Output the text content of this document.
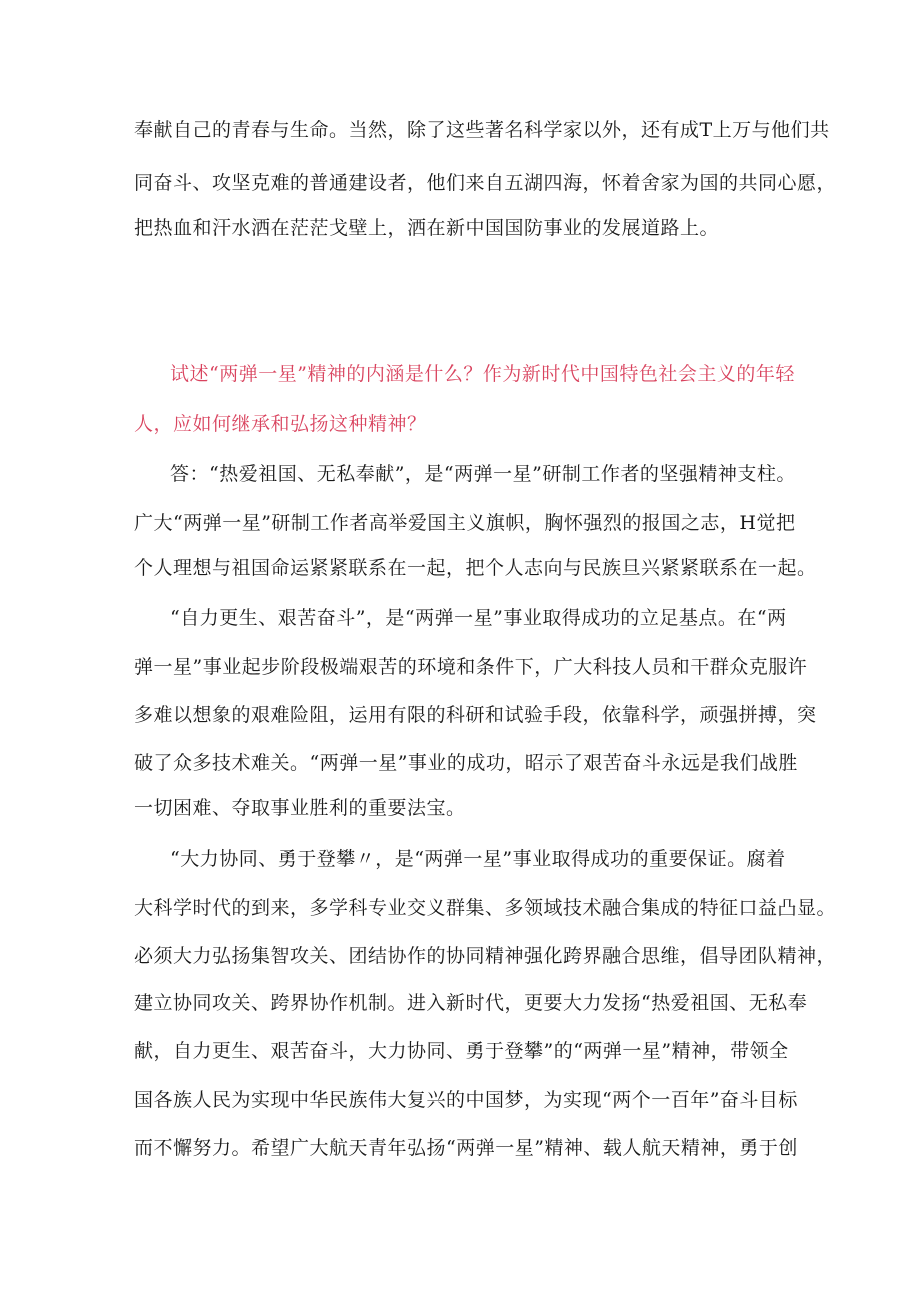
奉献自己的青春与生命。当然，除了这些著名科学家以外，还有成T上万与他们共
同奋斗、攻坚克难的普通建设者，他们来自五湖四海，怀着舍家为国的共同心愿，
把热血和汗水洒在茫茫戈壁上，洒在新中国国防事业的发展道路上。
试述“两弹一星”精神的内涵是什么？作为新时代中国特色社会主义的年轻
人，应如何继承和弘扬这种精神？
答：“热爱祖国、无私奉献”，是“两弹一星”研制工作者的坚强精神支柱。
广大“两弹一星”研制工作者高举爱国主义旗帜，胸怀强烈的报国之志，H觉把
个人理想与祖国命运紧紧联系在一起，把个人志向与民族旦兴紧紧联系在一起。
“自力更生、艰苦奋斗”，是“两弹一星”事业取得成功的立足基点。在“两
弹一星”事业起步阶段极端艰苦的环境和条件下，广大科技人员和干群众克服许
多难以想象的艰难险阻，运用有限的科研和试验手段，依靠科学，顽强拼搏，突
破了众多技术难关。“两弹一星”事业的成功，昭示了艰苦奋斗永远是我们战胜
一切困难、夺取事业胜利的重要法宝。
“大力协同、勇于登攀〃，是“两弹一星”事业取得成功的重要保证。腐着
大科学时代的到来，多学科专业交义群集、多领域技术融合集成的特征口益凸显。
必须大力弘扬集智攻关、团结协作的协同精神强化跨界融合思维，倡导团队精神，
建立协同攻关、跨界协作机制。进入新时代，更要大力发扬“热爱祖国、无私奉
献，自力更生、艰苦奋斗，大力协同、勇于登攀”的“两弹一星”精神，带领全
国各族人民为实现中华民族伟大复兴的中国梦，为实现“两个一百年”奋斗目标
而不懈努力。希望广大航天青年弘扬“两弹一星”精神、载人航天精神，勇于创
